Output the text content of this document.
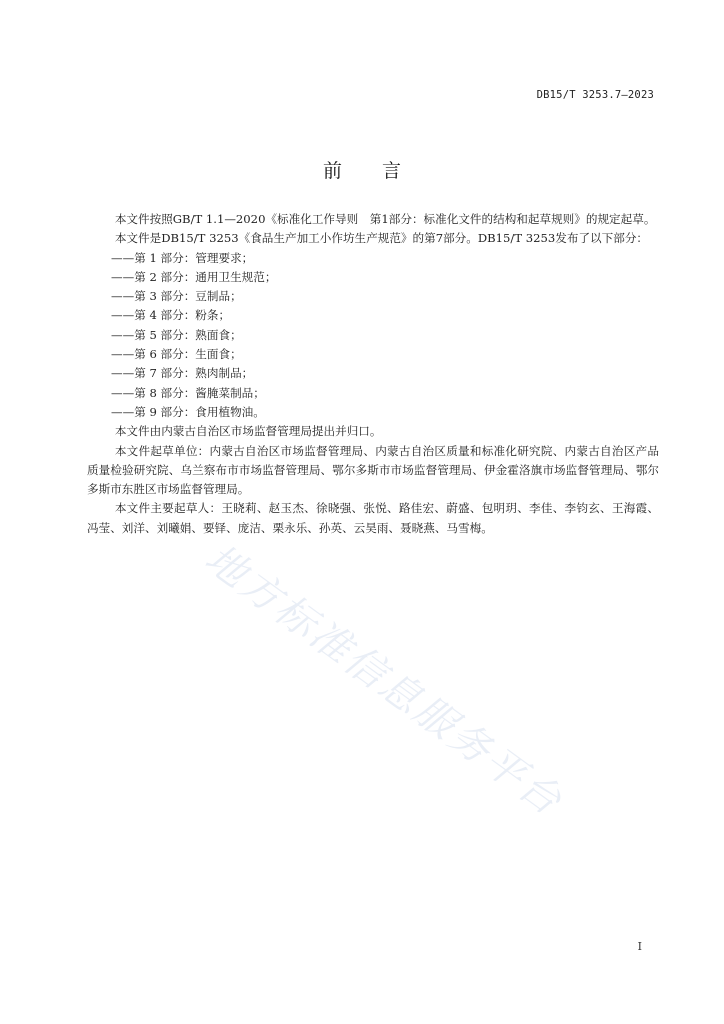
DB15/T 3253.7—2023
前言

本文件按照GB/T 1.1—2020《标准化工作导则　第1部分：标准化文件的结构和起草规则》的规定起草。

本文件是DB15/T 3253《食品生产加工小作坊生产规范》的第7部分。DB15/T 3253发布了以下部分：

——第 1 部分：管理要求；

——第 2 部分：通用卫生规范；

——第 3 部分：豆制品；

——第 4 部分：粉条；

——第 5 部分：熟面食；

——第 6 部分：生面食；

——第 7 部分：熟肉制品；

——第 8 部分：酱腌菜制品；

——第 9 部分：食用植物油。

本文件由内蒙古自治区市场监督管理局提出并归口。

本文件起草单位：内蒙古自治区市场监督管理局、内蒙古自治区质量和标准化研究院、内蒙古自治区产品质量检验研究院、乌兰察布市市场监督管理局、鄂尔多斯市市场监督管理局、伊金霍洛旗市场监督管理局、鄂尔多斯市东胜区市场监督管理局。

本文件主要起草人：王晓莉、赵玉杰、徐晓强、张悦、路佳宏、蔚盛、包明玥、李佳、李钧玄、王海霞、冯莹、刘洋、刘曦娟、要铎、庞洁、栗永乐、孙英、云昊雨、聂晓燕、马雪梅。

地方标准信息服务平台
I
